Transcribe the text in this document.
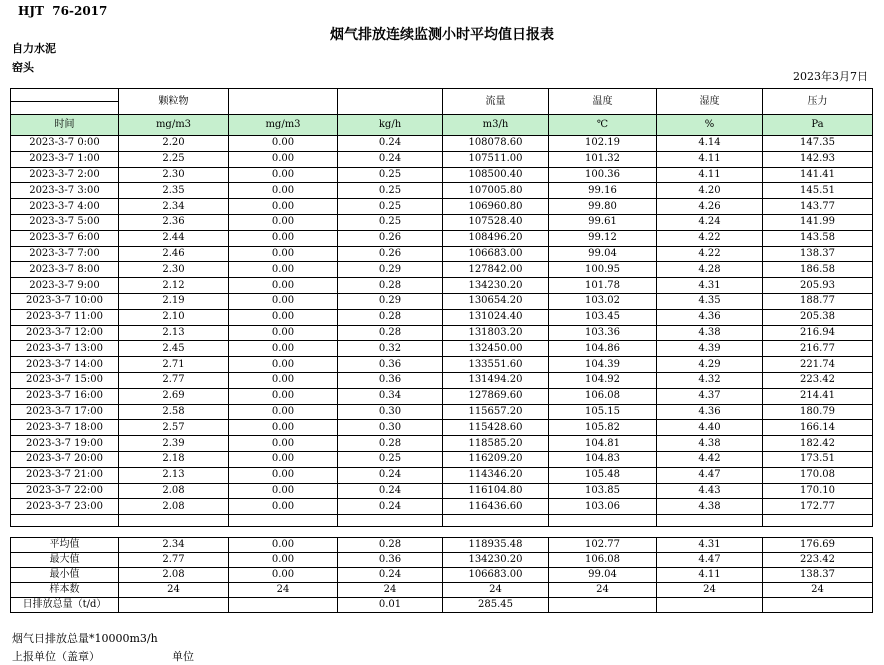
HJT  76-2017
烟气排放连续监测小时平均值日报表
自力水泥
窑头
2023年3月7日
	颗粒物			流量	温度	湿度	压力

时间	mg/m3	mg/m3	kg/h	m3/h	℃	%	Pa
2023-3-7 0:00	2.20	0.00	0.24	108078.60	102.19	4.14	147.35
2023-3-7 1:00	2.25	0.00	0.24	107511.00	101.32	4.11	142.93
2023-3-7 2:00	2.30	0.00	0.25	108500.40	100.36	4.11	141.41
2023-3-7 3:00	2.35	0.00	0.25	107005.80	99.16	4.20	145.51
2023-3-7 4:00	2.34	0.00	0.25	106960.80	99.80	4.26	143.77
2023-3-7 5:00	2.36	0.00	0.25	107528.40	99.61	4.24	141.99
2023-3-7 6:00	2.44	0.00	0.26	108496.20	99.12	4.22	143.58
2023-3-7 7:00	2.46	0.00	0.26	106683.00	99.04	4.22	138.37
2023-3-7 8:00	2.30	0.00	0.29	127842.00	100.95	4.28	186.58
2023-3-7 9:00	2.12	0.00	0.28	134230.20	101.78	4.31	205.93
2023-3-7 10:00	2.19	0.00	0.29	130654.20	103.02	4.35	188.77
2023-3-7 11:00	2.10	0.00	0.28	131024.40	103.45	4.36	205.38
2023-3-7 12:00	2.13	0.00	0.28	131803.20	103.36	4.38	216.94
2023-3-7 13:00	2.45	0.00	0.32	132450.00	104.86	4.39	216.77
2023-3-7 14:00	2.71	0.00	0.36	133551.60	104.39	4.29	221.74
2023-3-7 15:00	2.77	0.00	0.36	131494.20	104.92	4.32	223.42
2023-3-7 16:00	2.69	0.00	0.34	127869.60	106.08	4.37	214.41
2023-3-7 17:00	2.58	0.00	0.30	115657.20	105.15	4.36	180.79
2023-3-7 18:00	2.57	0.00	0.30	115428.60	105.82	4.40	166.14
2023-3-7 19:00	2.39	0.00	0.28	118585.20	104.81	4.38	182.42
2023-3-7 20:00	2.18	0.00	0.25	116209.20	104.83	4.42	173.51
2023-3-7 21:00	2.13	0.00	0.24	114346.20	105.48	4.47	170.08
2023-3-7 22:00	2.08	0.00	0.24	116104.80	103.85	4.43	170.10
2023-3-7 23:00	2.08	0.00	0.24	116436.60	103.06	4.38	172.77

平均值	2.34	0.00	0.28	118935.48	102.77	4.31	176.69
最大值	2.77	0.00	0.36	134230.20	106.08	4.47	223.42
最小值	2.08	0.00	0.24	106683.00	99.04	4.11	138.37
样本数	24	24	24	24	24	24	24
日排放总量（t/d）			0.01	285.45			
烟气日排放总量*10000m3/h
上报单位（盖章）	单位
